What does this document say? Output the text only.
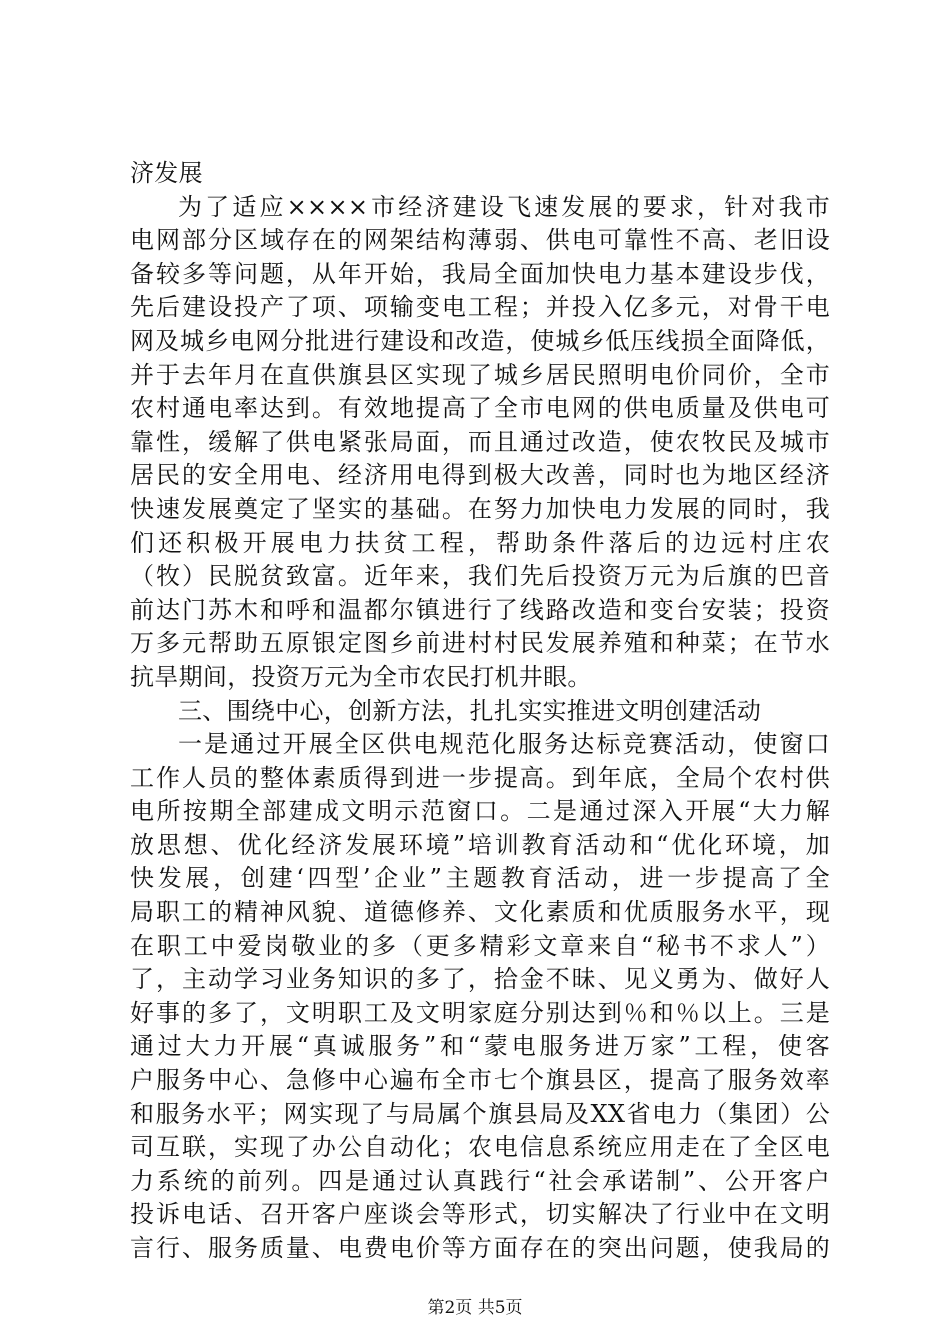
济发展
为了适应××××市经济建设飞速发展的要求，针对我市
电网部分区域存在的网架结构薄弱、供电可靠性不高、老旧设
备较多等问题，从年开始，我局全面加快电力基本建设步伐，
先后建设投产了项、项输变电工程；并投入亿多元，对骨干电
网及城乡电网分批进行建设和改造，使城乡低压线损全面降低，
并于去年月在直供旗县区实现了城乡居民照明电价同价，全市
农村通电率达到。有效地提高了全市电网的供电质量及供电可
靠性，缓解了供电紧张局面，而且通过改造，使农牧民及城市
居民的安全用电、经济用电得到极大改善，同时也为地区经济
快速发展奠定了坚实的基础。在努力加快电力发展的同时，我
们还积极开展电力扶贫工程，帮助条件落后的边远村庄农
（牧）民脱贫致富。近年来，我们先后投资万元为后旗的巴音
前达门苏木和呼和温都尔镇进行了线路改造和变台安装；投资
万多元帮助五原银定图乡前进村村民发展养殖和种菜；在节水
抗旱期间，投资万元为全市农民打机井眼。
三、围绕中心，创新方法，扎扎实实推进文明创建活动
一是通过开展全区供电规范化服务达标竞赛活动，使窗口
工作人员的整体素质得到进一步提高。到年底，全局个农村供
电所按期全部建成文明示范窗口。二是通过深入开展“大力解
放思想、优化经济发展环境”培训教育活动和“优化环境，加
快发展，创建‘四型’企业”主题教育活动，进一步提高了全
局职工的精神风貌、道德修养、文化素质和优质服务水平，现
在职工中爱岗敬业的多（更多精彩文章来自“秘书不求人”）
了，主动学习业务知识的多了，拾金不昧、见义勇为、做好人
好事的多了，文明职工及文明家庭分别达到％和％以上。三是
通过大力开展“真诚服务”和“蒙电服务进万家”工程，使客
户服务中心、急修中心遍布全市七个旗县区，提高了服务效率
和服务水平；网实现了与局属个旗县局及XX省电力（集团）公
司互联，实现了办公自动化；农电信息系统应用走在了全区电
力系统的前列。四是通过认真践行“社会承诺制”、公开客户
投诉电话、召开客户座谈会等形式，切实解决了行业中在文明
言行、服务质量、电费电价等方面存在的突出问题，使我局的
第2页 共5页
